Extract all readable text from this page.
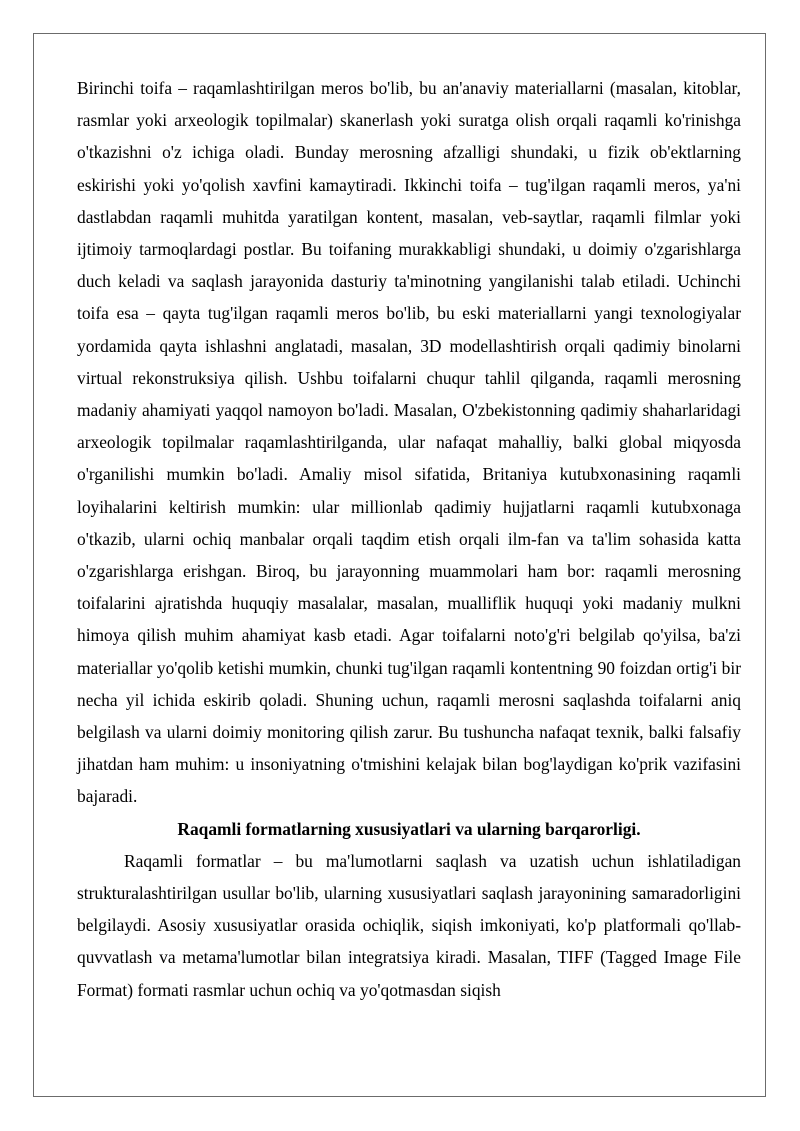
Birinchi toifa – raqamlashtirilgan meros bo'lib, bu an'anaviy materiallarni (masalan, kitoblar, rasmlar yoki arxeologik topilmalar) skanerlash yoki suratga olish orqali raqamli ko'rinishga o'tkazishni o'z ichiga oladi. Bunday merosning afzalligi shundaki, u fizik ob'ektlarning eskirishi yoki yo'qolish xavfini kamaytiradi. Ikkinchi toifa – tug'ilgan raqamli meros, ya'ni dastlabdan raqamli muhitda yaratilgan kontent, masalan, veb-saytlar, raqamli filmlar yoki ijtimoiy tarmoqlardagi postlar. Bu toifaning murakkabligi shundaki, u doimiy o'zgarishlarga duch keladi va saqlash jarayonida dasturiy ta'minotning yangilanishi talab etiladi. Uchinchi toifa esa – qayta tug'ilgan raqamli meros bo'lib, bu eski materiallarni yangi texnologiyalar yordamida qayta ishlashni anglatadi, masalan, 3D modellashtirish orqali qadimiy binolarni virtual rekonstruksiya qilish. Ushbu toifalarni chuqur tahlil qilganda, raqamli merosning madaniy ahamiyati yaqqol namoyon bo'ladi. Masalan, O'zbekistonning qadimiy shaharlaridagi arxeologik topilmalar raqamlashtirilganda, ular nafaqat mahalliy, balki global miqyosda o'rganilishi mumkin bo'ladi. Amaliy misol sifatida, Britaniya kutubxonasining raqamli loyihalarini keltirish mumkin: ular millionlab qadimiy hujjatlarni raqamli kutubxonaga o'tkazib, ularni ochiq manbalar orqali taqdim etish orqali ilm-fan va ta'lim sohasida katta o'zgarishlarga erishgan. Biroq, bu jarayonning muammolari ham bor: raqamli merosning toifalarini ajratishda huquqiy masalalar, masalan, mualliflik huquqi yoki madaniy mulkni himoya qilish muhim ahamiyat kasb etadi. Agar toifalarni noto'g'ri belgilab qo'yilsa, ba'zi materiallar yo'qolib ketishi mumkin, chunki tug'ilgan raqamli kontentning 90 foizdan ortig'i bir necha yil ichida eskirib qoladi. Shuning uchun, raqamli merosni saqlashda toifalarni aniq belgilash va ularni doimiy monitoring qilish zarur. Bu tushuncha nafaqat texnik, balki falsafiy jihatdan ham muhim: u insoniyatning o'tmishini kelajak bilan bog'laydigan ko'prik vazifasini bajaradi.

Raqamli formatlarning xususiyatlari va ularning barqarorligi.

Raqamli formatlar – bu ma'lumotlarni saqlash va uzatish uchun ishlatiladigan strukturalashtirilgan usullar bo'lib, ularning xususiyatlari saqlash jarayonining samaradorligini belgilaydi. Asosiy xususiyatlar orasida ochiqlik, siqish imkoniyati, ko'p platformali qo'llab-quvvatlash va metama'lumotlar bilan integratsiya kiradi. Masalan, TIFF (Tagged Image File Format) formati rasmlar uchun ochiq va yo'qotmasdan siqish
